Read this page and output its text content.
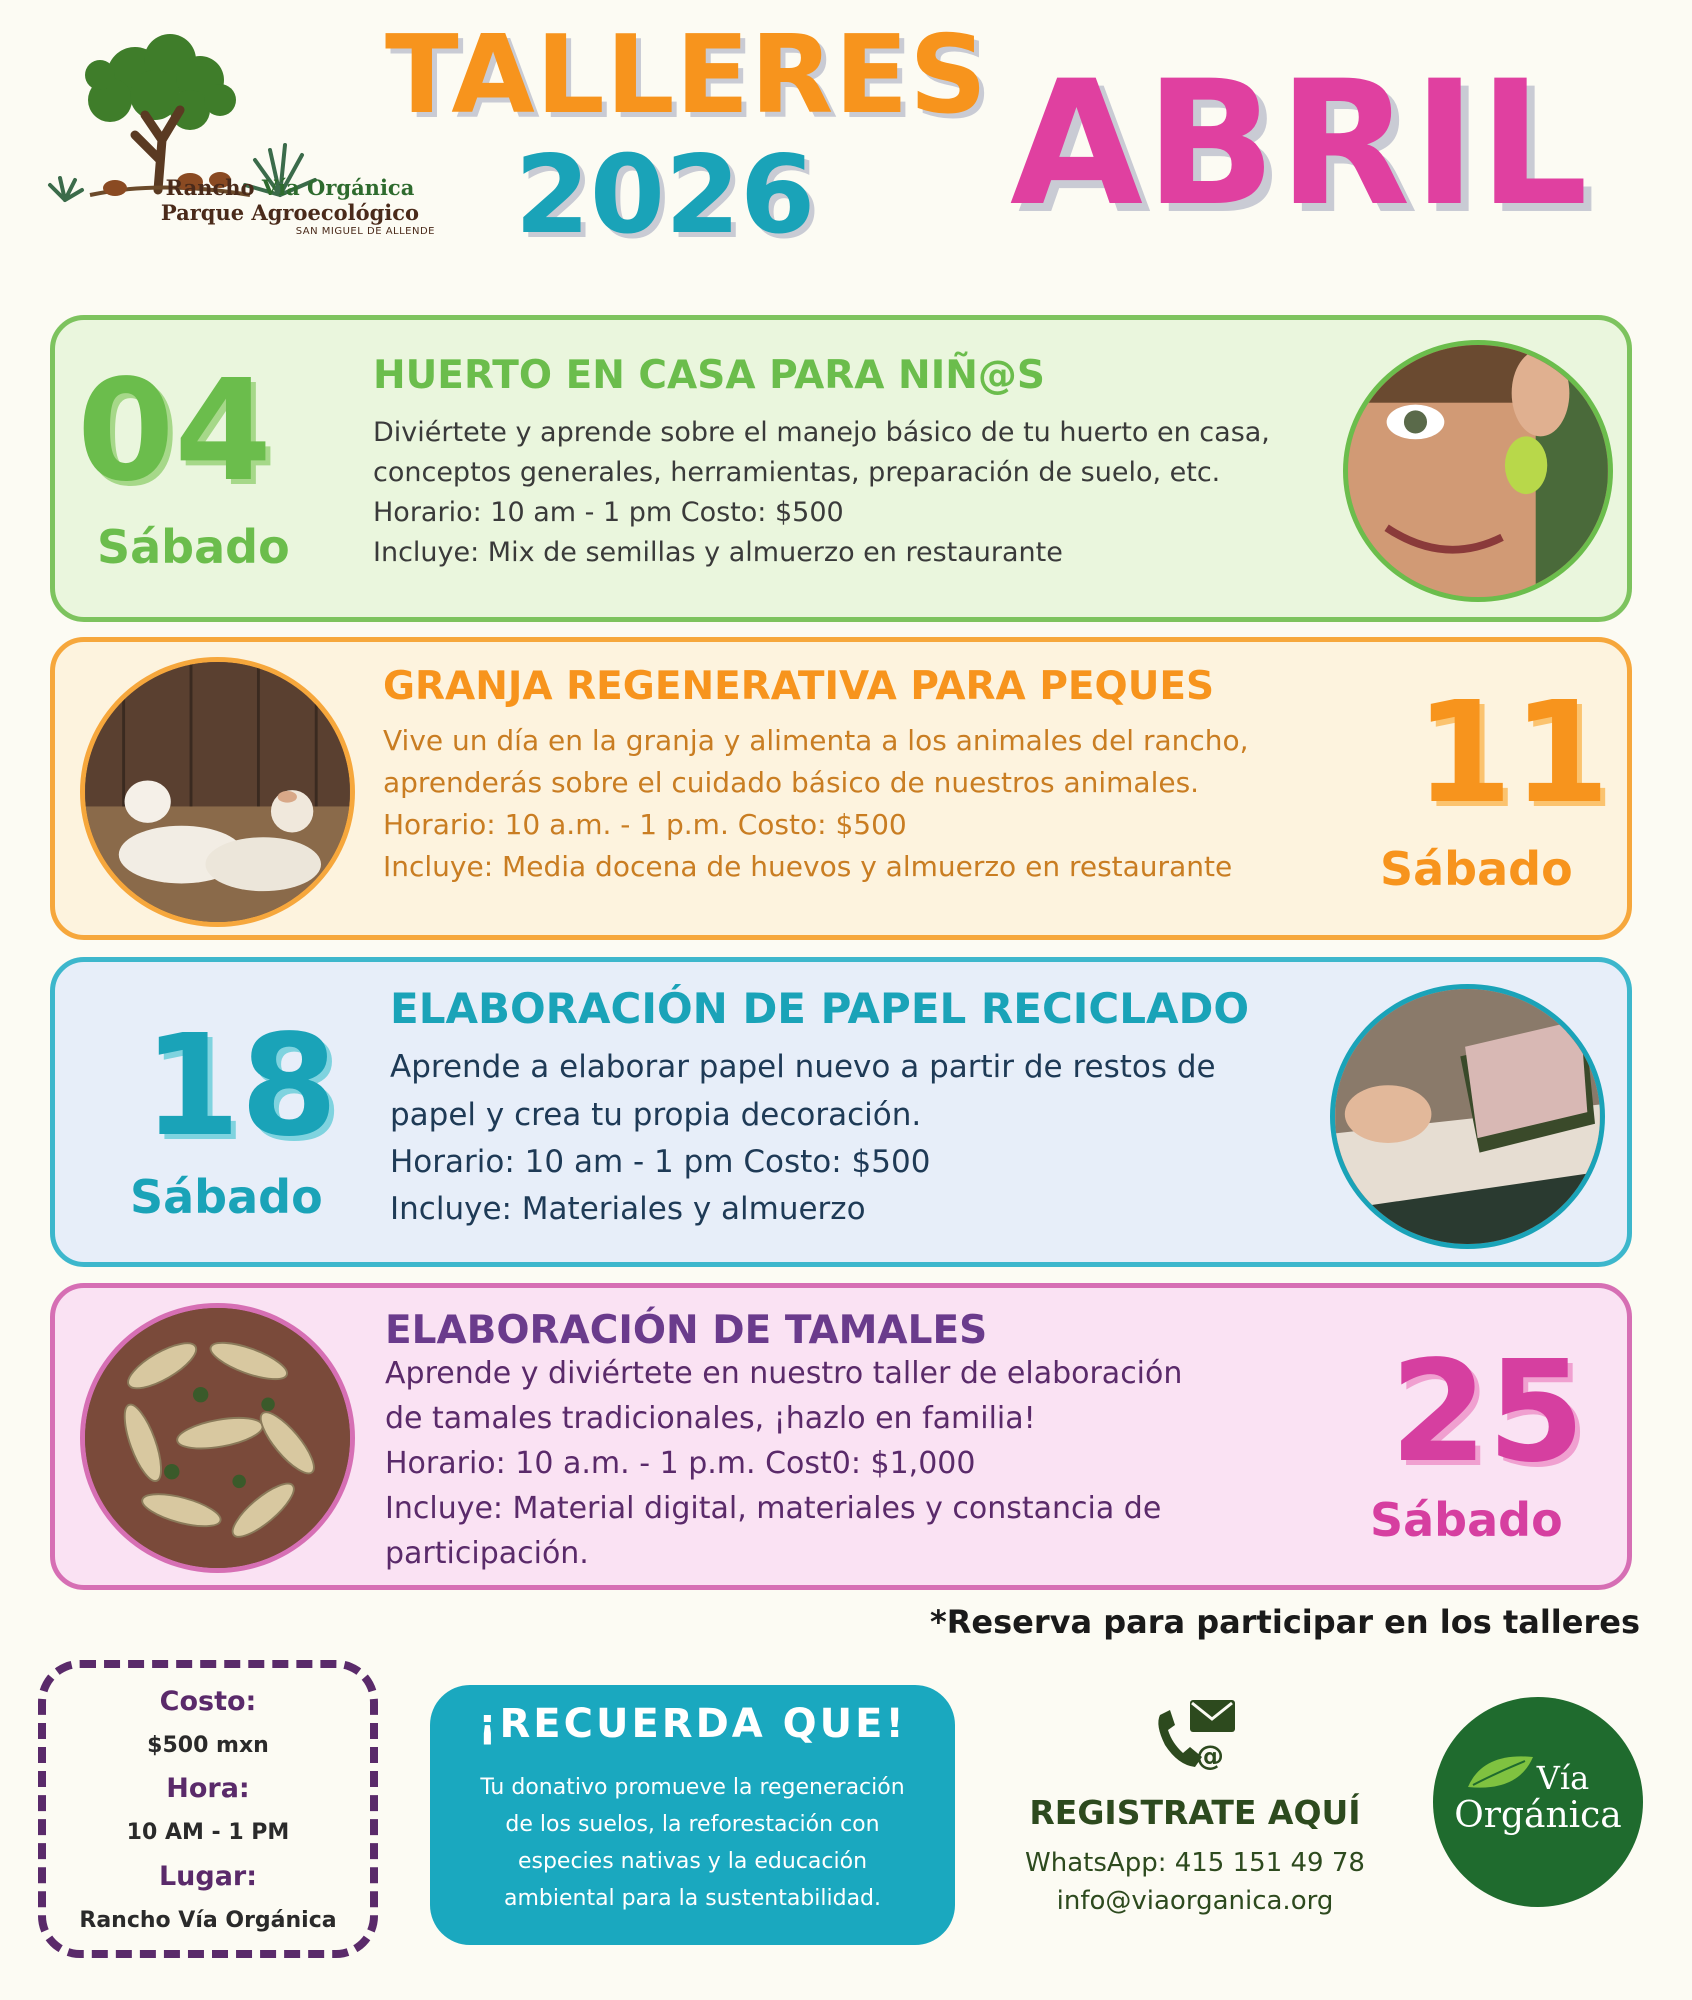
Rancho Vía Orgánica
Parque Agroecológico
SAN MIGUEL DE ALLENDE
TALLERES
2026	ABRIL
04
Sábado
HUERTO EN CASA PARA NIÑ@S
Diviértete y aprende sobre el manejo básico de tu huerto en casa,
conceptos generales, herramientas, preparación de suelo, etc.
Horario: 10 am - 1 pm Costo: $500
Incluye: Mix de semillas y almuerzo en restaurante
GRANJA REGENERATIVA PARA PEQUES
Vive un día en la granja y alimenta a los animales del rancho,
aprenderás sobre el cuidado básico de nuestros animales.
Horario: 10 a.m. - 1 p.m. Costo: $500
Incluye: Media docena de huevos y almuerzo en restaurante
11
Sábado
18
Sábado
ELABORACIÓN DE PAPEL RECICLADO
Aprende a elaborar papel nuevo a partir de restos de
papel y crea tu propia decoración.
Horario: 10 am - 1 pm Costo: $500
Incluye: Materiales y almuerzo
ELABORACIÓN DE TAMALES
Aprende y diviértete en nuestro taller de elaboración
de tamales tradicionales, ¡hazlo en familia!
Horario: 10 a.m. - 1 p.m. Cost0: $1,000
Incluye: Material digital, materiales y constancia de
participación.
25
Sábado
*Reserva para participar en los talleres
Costo:
$500 mxn
Hora:
10 AM - 1 PM
Lugar:
Rancho Vía Orgánica
¡RECUERDA QUE!
Tu donativo promueve la regeneración
de los suelos, la reforestación con
especies nativas y la educación
ambiental para la sustentabilidad.
@
REGISTRATE AQUÍ
WhatsApp: 415 151 49 78
info@viaorganica.org
Vía
Orgánica
